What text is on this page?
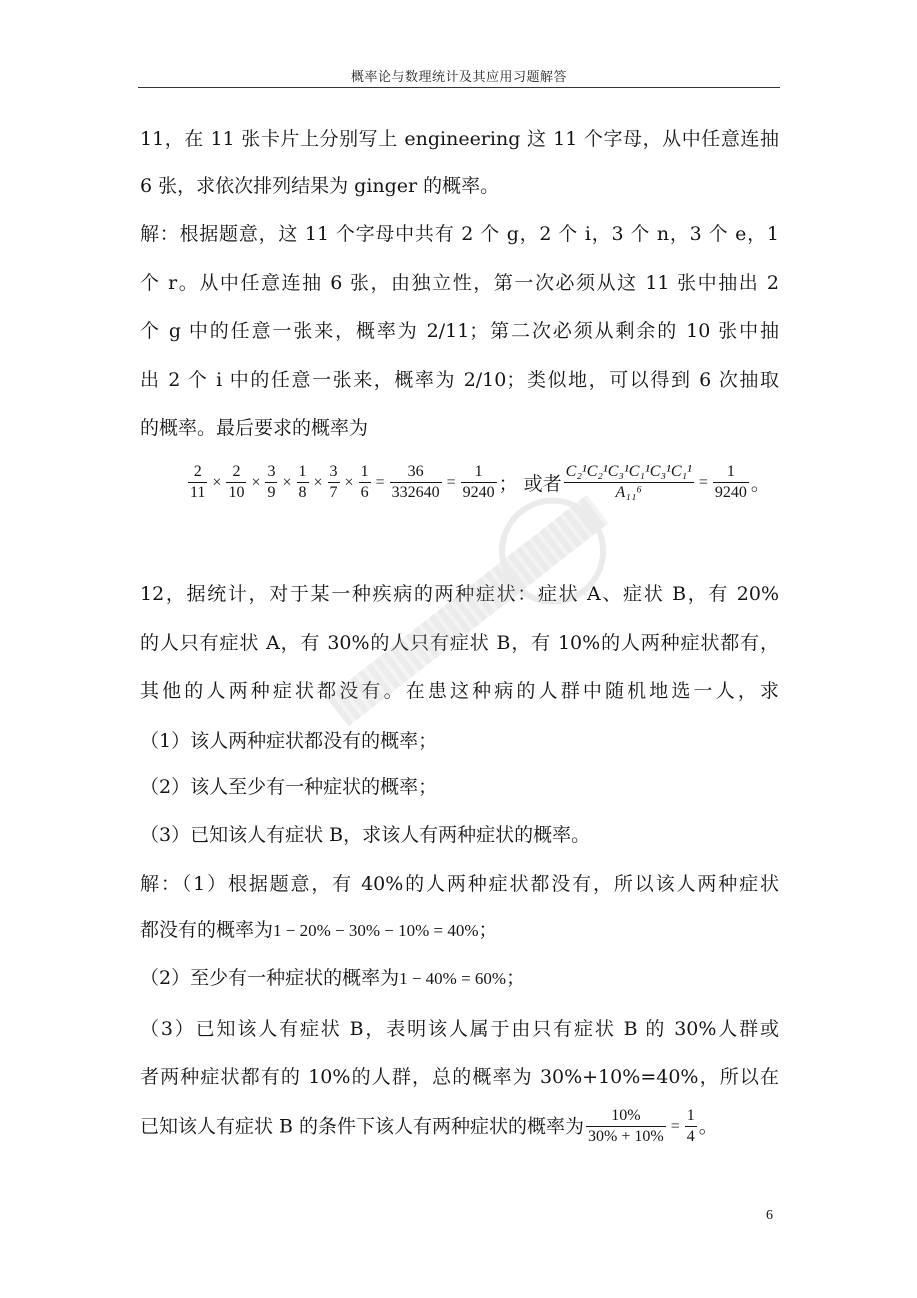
概率论与数理统计及其应用习题解答
11，在 11 张卡片上分别写上 engineering 这 11 个字母，从中任意连抽
6 张，求依次排列结果为 ginger 的概率。
解：根据题意，这 11 个字母中共有 2 个 g，2 个 i，3 个 n，3 个 e，1
个 r。从中任意连抽 6 张，由独立性，第一次必须从这 11 张中抽出 2
个 g 中的任意一张来，概率为 2/11；第二次必须从剩余的 10 张中抽
出 2 个 i 中的任意一张来，概率为 2/10；类似地，可以得到 6 次抽取
的概率。最后要求的概率为
$\frac{2}{11} \times \frac{2}{10} \times \frac{3}{9} \times \frac{1}{8} \times \frac{3}{7} \times \frac{1}{6} = \frac{36}{332640} = \frac{1}{9240}$ ； 或者 $\frac{\text{C₂¹C₂¹C₃¹C₁¹C₃¹C₁¹}}{\text{A₁₁⁶}} = \frac{1}{9240}$ 。
12，据统计，对于某一种疾病的两种症状：症状 A、症状 B，有 20%
的人只有症状 A，有 30%的人只有症状 B，有 10%的人两种症状都有，
其他的人两种症状都没有。在患这种病的人群中随机地选一人，求
（1）该人两种症状都没有的概率；
（2）该人至少有一种症状的概率；
（3）已知该人有症状 B，求该人有两种症状的概率。
解：（1）根据题意，有 40%的人两种症状都没有，所以该人两种症状
都没有的概率为1 − 20% − 30% − 10% = 40%；
（2）至少有一种症状的概率为1 − 40% = 60%；
（3）已知该人有症状 B，表明该人属于由只有症状 B 的 30%人群或
者两种症状都有的 10%的人群，总的概率为 30%+10%=40%，所以在
已知该人有症状 B 的条件下该人有两种症状的概率为 $\frac{10\%}{30\% + 10\%} = \frac{1}{4}$ 。
6
